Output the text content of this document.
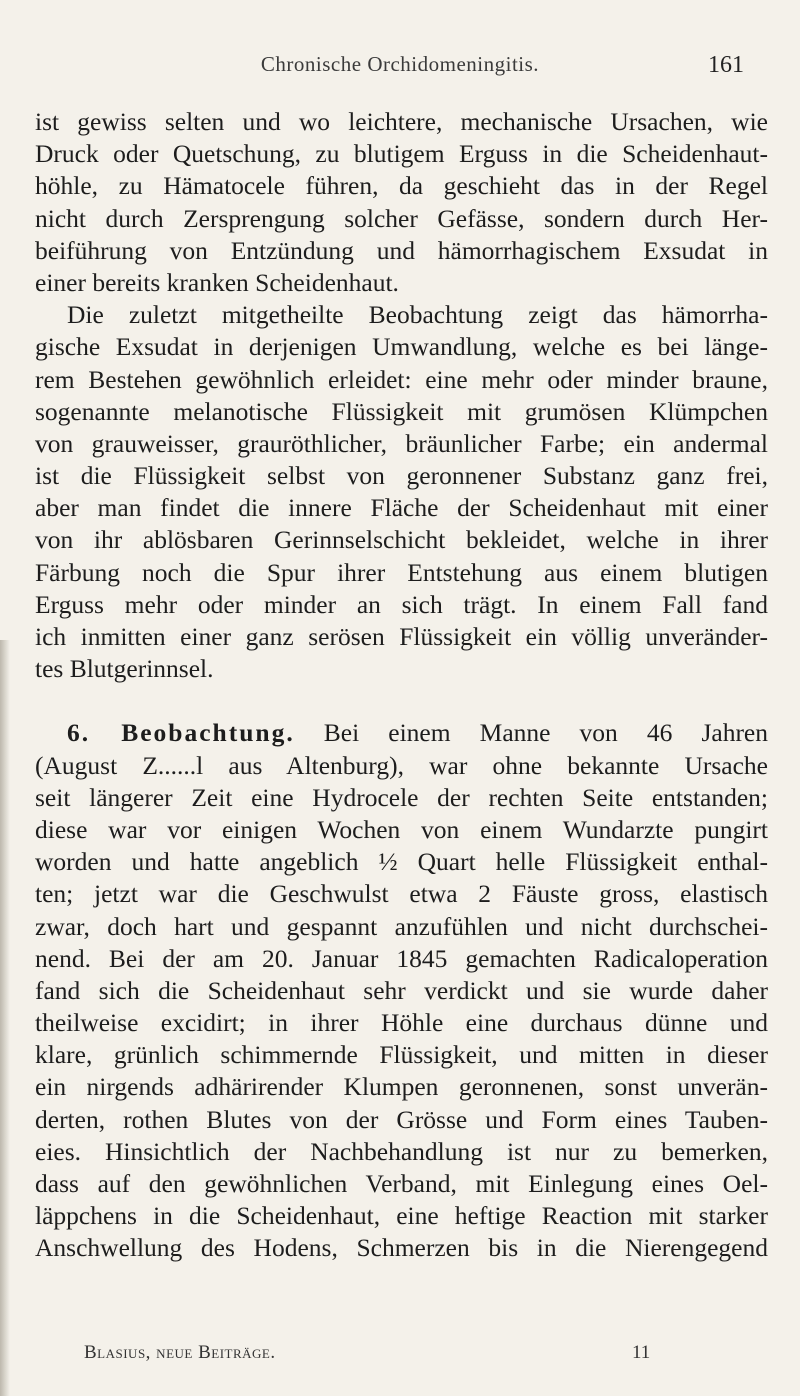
Chronische Orchidomeningitis.	161
ist gewiss selten und wo leichtere, mechanische Ursachen, wie
Druck oder Quetschung, zu blutigem Erguss in die Scheidenhaut-
höhle, zu Hämatocele führen, da geschieht das in der Regel
nicht durch Zersprengung solcher Gefässe, sondern durch Her-
beiführung von Entzündung und hämorrhagischem Exsudat in
einer bereits kranken Scheidenhaut.
Die zuletzt mitgetheilte Beobachtung zeigt das hämorrha-
gische Exsudat in derjenigen Umwandlung, welche es bei länge-
rem Bestehen gewöhnlich erleidet: eine mehr oder minder braune,
sogenannte melanotische Flüssigkeit mit grumösen Klümpchen
von grauweisser, grauröthlicher, bräunlicher Farbe; ein andermal
ist die Flüssigkeit selbst von geronnener Substanz ganz frei,
aber man findet die innere Fläche der Scheidenhaut mit einer
von ihr ablösbaren Gerinnselschicht bekleidet, welche in ihrer
Färbung noch die Spur ihrer Entstehung aus einem blutigen
Erguss mehr oder minder an sich trägt. In einem Fall fand
ich inmitten einer ganz serösen Flüssigkeit ein völlig unveränder-
tes Blutgerinnsel.
6. Beobachtung. Bei einem Manne von 46 Jahren
(August Z......l aus Altenburg), war ohne bekannte Ursache
seit längerer Zeit eine Hydrocele der rechten Seite entstanden;
diese war vor einigen Wochen von einem Wundarzte pungirt
worden und hatte angeblich ½ Quart helle Flüssigkeit enthal-
ten; jetzt war die Geschwulst etwa 2 Fäuste gross, elastisch
zwar, doch hart und gespannt anzufühlen und nicht durchschei-
nend. Bei der am 20. Januar 1845 gemachten Radicaloperation
fand sich die Scheidenhaut sehr verdickt und sie wurde daher
theilweise excidirt; in ihrer Höhle eine durchaus dünne und
klare, grünlich schimmernde Flüssigkeit, und mitten in dieser
ein nirgends adhärirender Klumpen geronnenen, sonst unverän-
derten, rothen Blutes von der Grösse und Form eines Tauben-
eies. Hinsichtlich der Nachbehandlung ist nur zu bemerken,
dass auf den gewöhnlichen Verband, mit Einlegung eines Oel-
läppchens in die Scheidenhaut, eine heftige Reaction mit starker
Anschwellung des Hodens, Schmerzen bis in die Nierengegend
Blasius, neue Beiträge.	11
